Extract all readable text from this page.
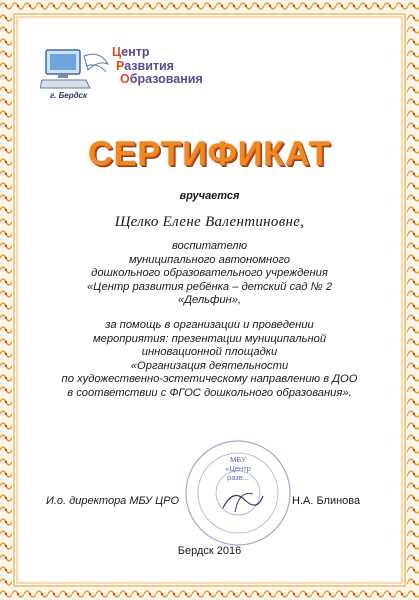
Центр
Развития
Образования
г. Бердск
СЕРТИФИКАТ
вручается
Щелко Елене Валентиновне,
воспитателю
муниципального автономного
дошкольного образовательного учреждения
«Центр развития ребёнка – детский сад № 2
«Дельфин»,
за помощь в организации и проведении
мероприятия: презентации муниципальной
инновационной площадки
«Организация деятельности
по художественно-эстетическому направлению в ДОО
в соответствии с ФГОС дошкольного образования».
МБУ
«Центр
разв...
И.о. директора МБУ ЦРО	Н.А. Блинова
Бердск 2016
